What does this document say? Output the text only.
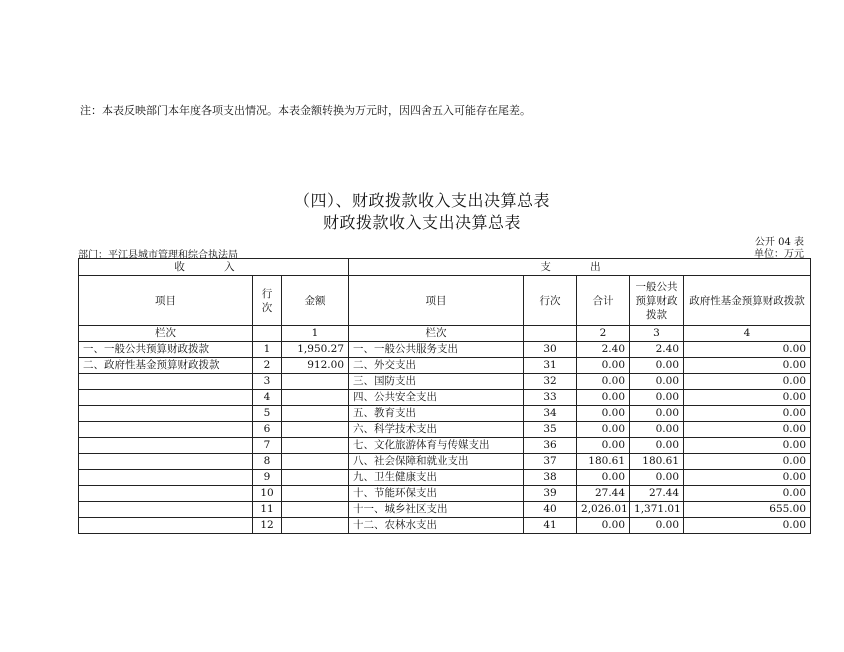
注：本表反映部门本年度各项支出情况。本表金额转换为万元时，因四舍五入可能存在尾差。
（四）、财政拨款收入支出决算总表
财政拨款收入支出决算总表
公开 04 表
部门：平江县城市管理和综合执法局	单位：万元
收 入			支 出				
项目	行次	金额	项目	行次	合计	一般公共预算财政拨款	政府性基金预算财政拨款
栏次		1	栏次		2	3	4
一、一般公共预算财政拨款	1	1,950.27	一、一般公共服务支出	30	2.40	2.40	0.00
二、政府性基金预算财政拨款	2	912.00	二、外交支出	31	0.00	0.00	0.00
	3		三、国防支出	32	0.00	0.00	0.00
	4		四、公共安全支出	33	0.00	0.00	0.00
	5		五、教育支出	34	0.00	0.00	0.00
	6		六、科学技术支出	35	0.00	0.00	0.00
	7		七、文化旅游体育与传媒支出	36	0.00	0.00	0.00
	8		八、社会保障和就业支出	37	180.61	180.61	0.00
	9		九、卫生健康支出	38	0.00	0.00	0.00
	10		十、节能环保支出	39	27.44	27.44	0.00
	11		十一、城乡社区支出	40	2,026.01	1,371.01	655.00
	12		十二、农林水支出	41	0.00	0.00	0.00
